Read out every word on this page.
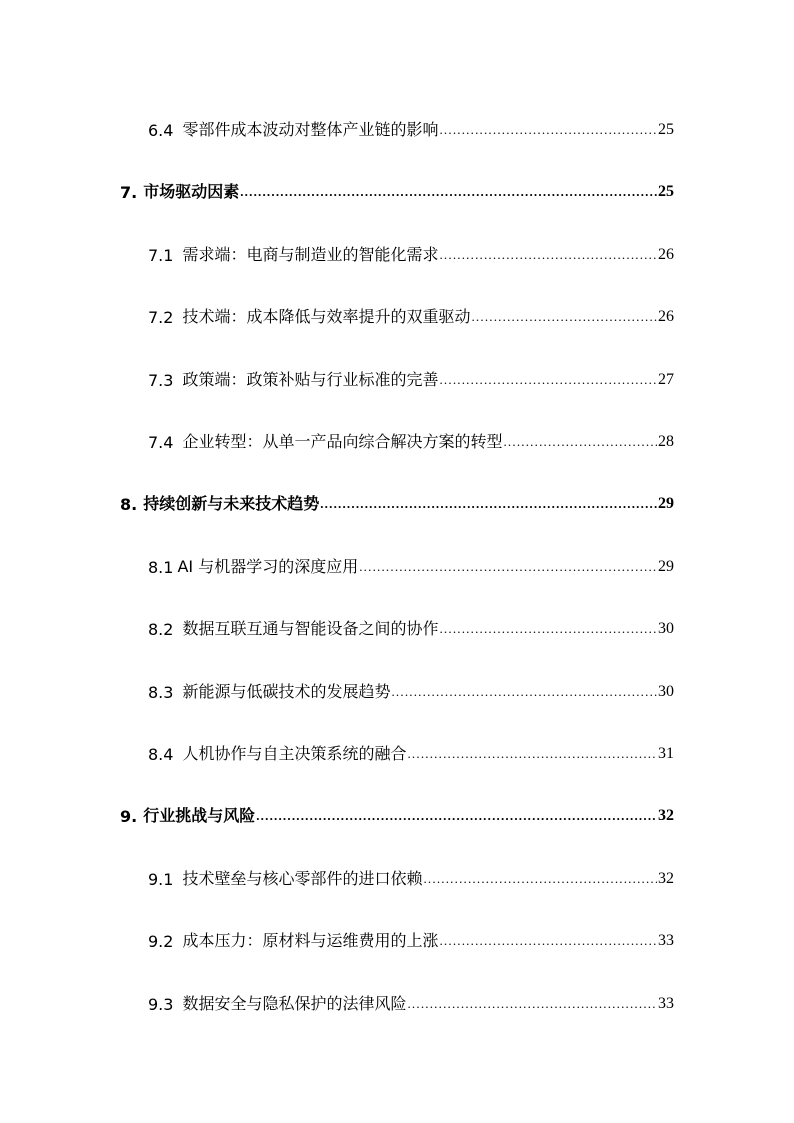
6.4 零部件成本波动对整体产业链的影响 .....	25
7. 市场驱动因素 .....	25
7.1 需求端：电商与制造业的智能化需求 .....	26
7.2 技术端：成本降低与效率提升的双重驱动 .....	26
7.3 政策端：政策补贴与行业标准的完善 .....	27
7.4 企业转型：从单一产品向综合解决方案的转型 .....	28
8. 持续创新与未来技术趋势 .....	29
8.1 AI 与机器学习的深度应用 .....	29
8.2 数据互联互通与智能设备之间的协作 .....	30
8.3 新能源与低碳技术的发展趋势 .....	30
8.4 人机协作与自主决策系统的融合 .....	31
9. 行业挑战与风险 .....	32
9.1 技术壁垒与核心零部件的进口依赖 .....	32
9.2 成本压力：原材料与运维费用的上涨 .....	33
9.3 数据安全与隐私保护的法律风险 .....	33
